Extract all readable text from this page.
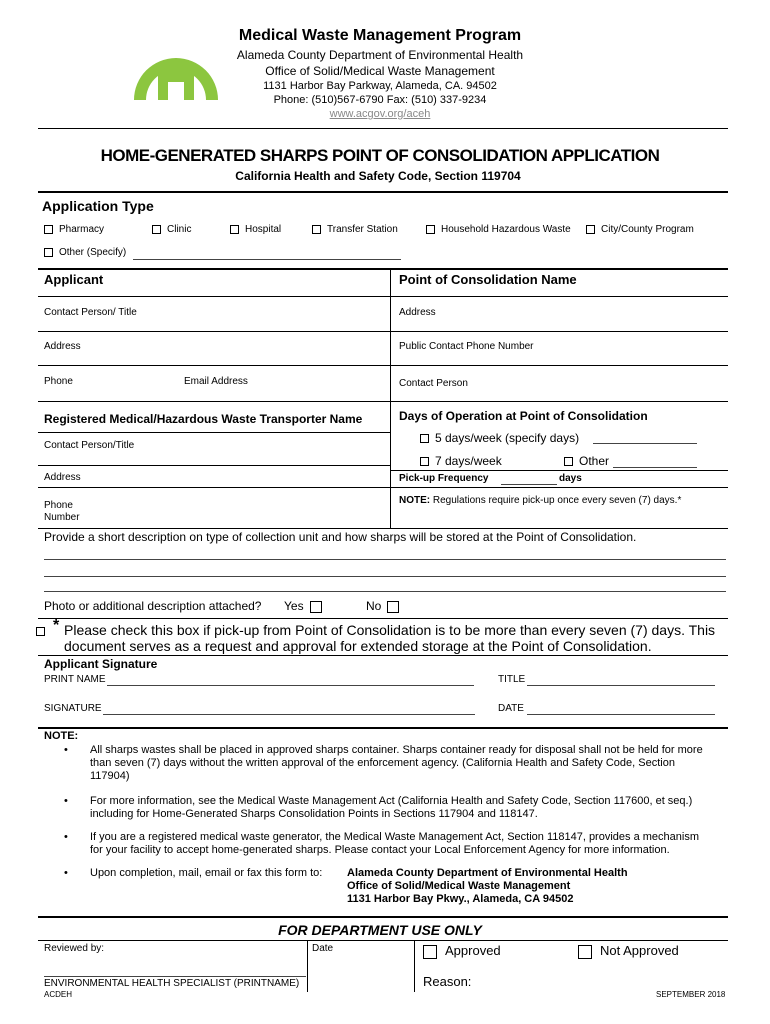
Medical Waste Management Program
Alameda County Department of Environmental Health
Office of Solid/Medical Waste Management
1131 Harbor Bay Parkway, Alameda, CA. 94502
Phone: (510)567-6790 Fax: (510) 337-9234
www.acgov.org/aceh
HOME-GENERATED SHARPS POINT OF CONSOLIDATION APPLICATION
California Health and Safety Code, Section 119704
Application Type
Pharmacy	Clinic	Hospital	Transfer Station	Household Hazardous Waste	City/County Program
Other (Specify)
Applicant	Point of Consolidation Name
Contact Person/ Title	Address
Address	Public Contact Phone Number
Phone	Email Address	Contact Person
Registered Medical/Hazardous Waste Transporter Name	Days of Operation at Point of Consolidation
Contact Person/Title
5 days/week (specify days)
7 days/week	Other
Address	Pick-up Frequency	days
Phone
Number
NOTE: Regulations require pick-up once every seven (7) days.*
Provide a short description on type of collection unit and how sharps will be stored at the Point of Consolidation.
Photo or additional description attached? Yes	No
* Please check this box if pick-up from Point of Consolidation is to be more than every seven (7) days. This
document serves as a request and approval for extended storage at the Point of Consolidation.
Applicant Signature
PRINT NAME	TITLE
SIGNATURE	DATE
NOTE:
• All sharps wastes shall be placed in approved sharps container. Sharps container ready for disposal shall not be held for more
than seven (7) days without the written approval of the enforcement agency. (California Health and Safety Code, Section
117904)
• For more information, see the Medical Waste Management Act (California Health and Safety Code, Section 117600, et seq.)
including for Home-Generated Sharps Consolidation Points in Sections 117904 and 118147.
• If you are a registered medical waste generator, the Medical Waste Management Act, Section 118147, provides a mechanism
for your facility to accept home-generated sharps. Please contact your Local Enforcement Agency for more information.
• Upon completion, mail, email or fax this form to: Alameda County Department of Environmental Health
Office of Solid/Medical Waste Management
1131 Harbor Bay Pkwy., Alameda, CA 94502
FOR DEPARTMENT USE ONLY
Reviewed by:	Date	Approved	Not Approved
ENVIRONMENTAL HEALTH SPECIALIST (PRINTNAME)	Reason:
ACDEH	SEPTEMBER 2018
